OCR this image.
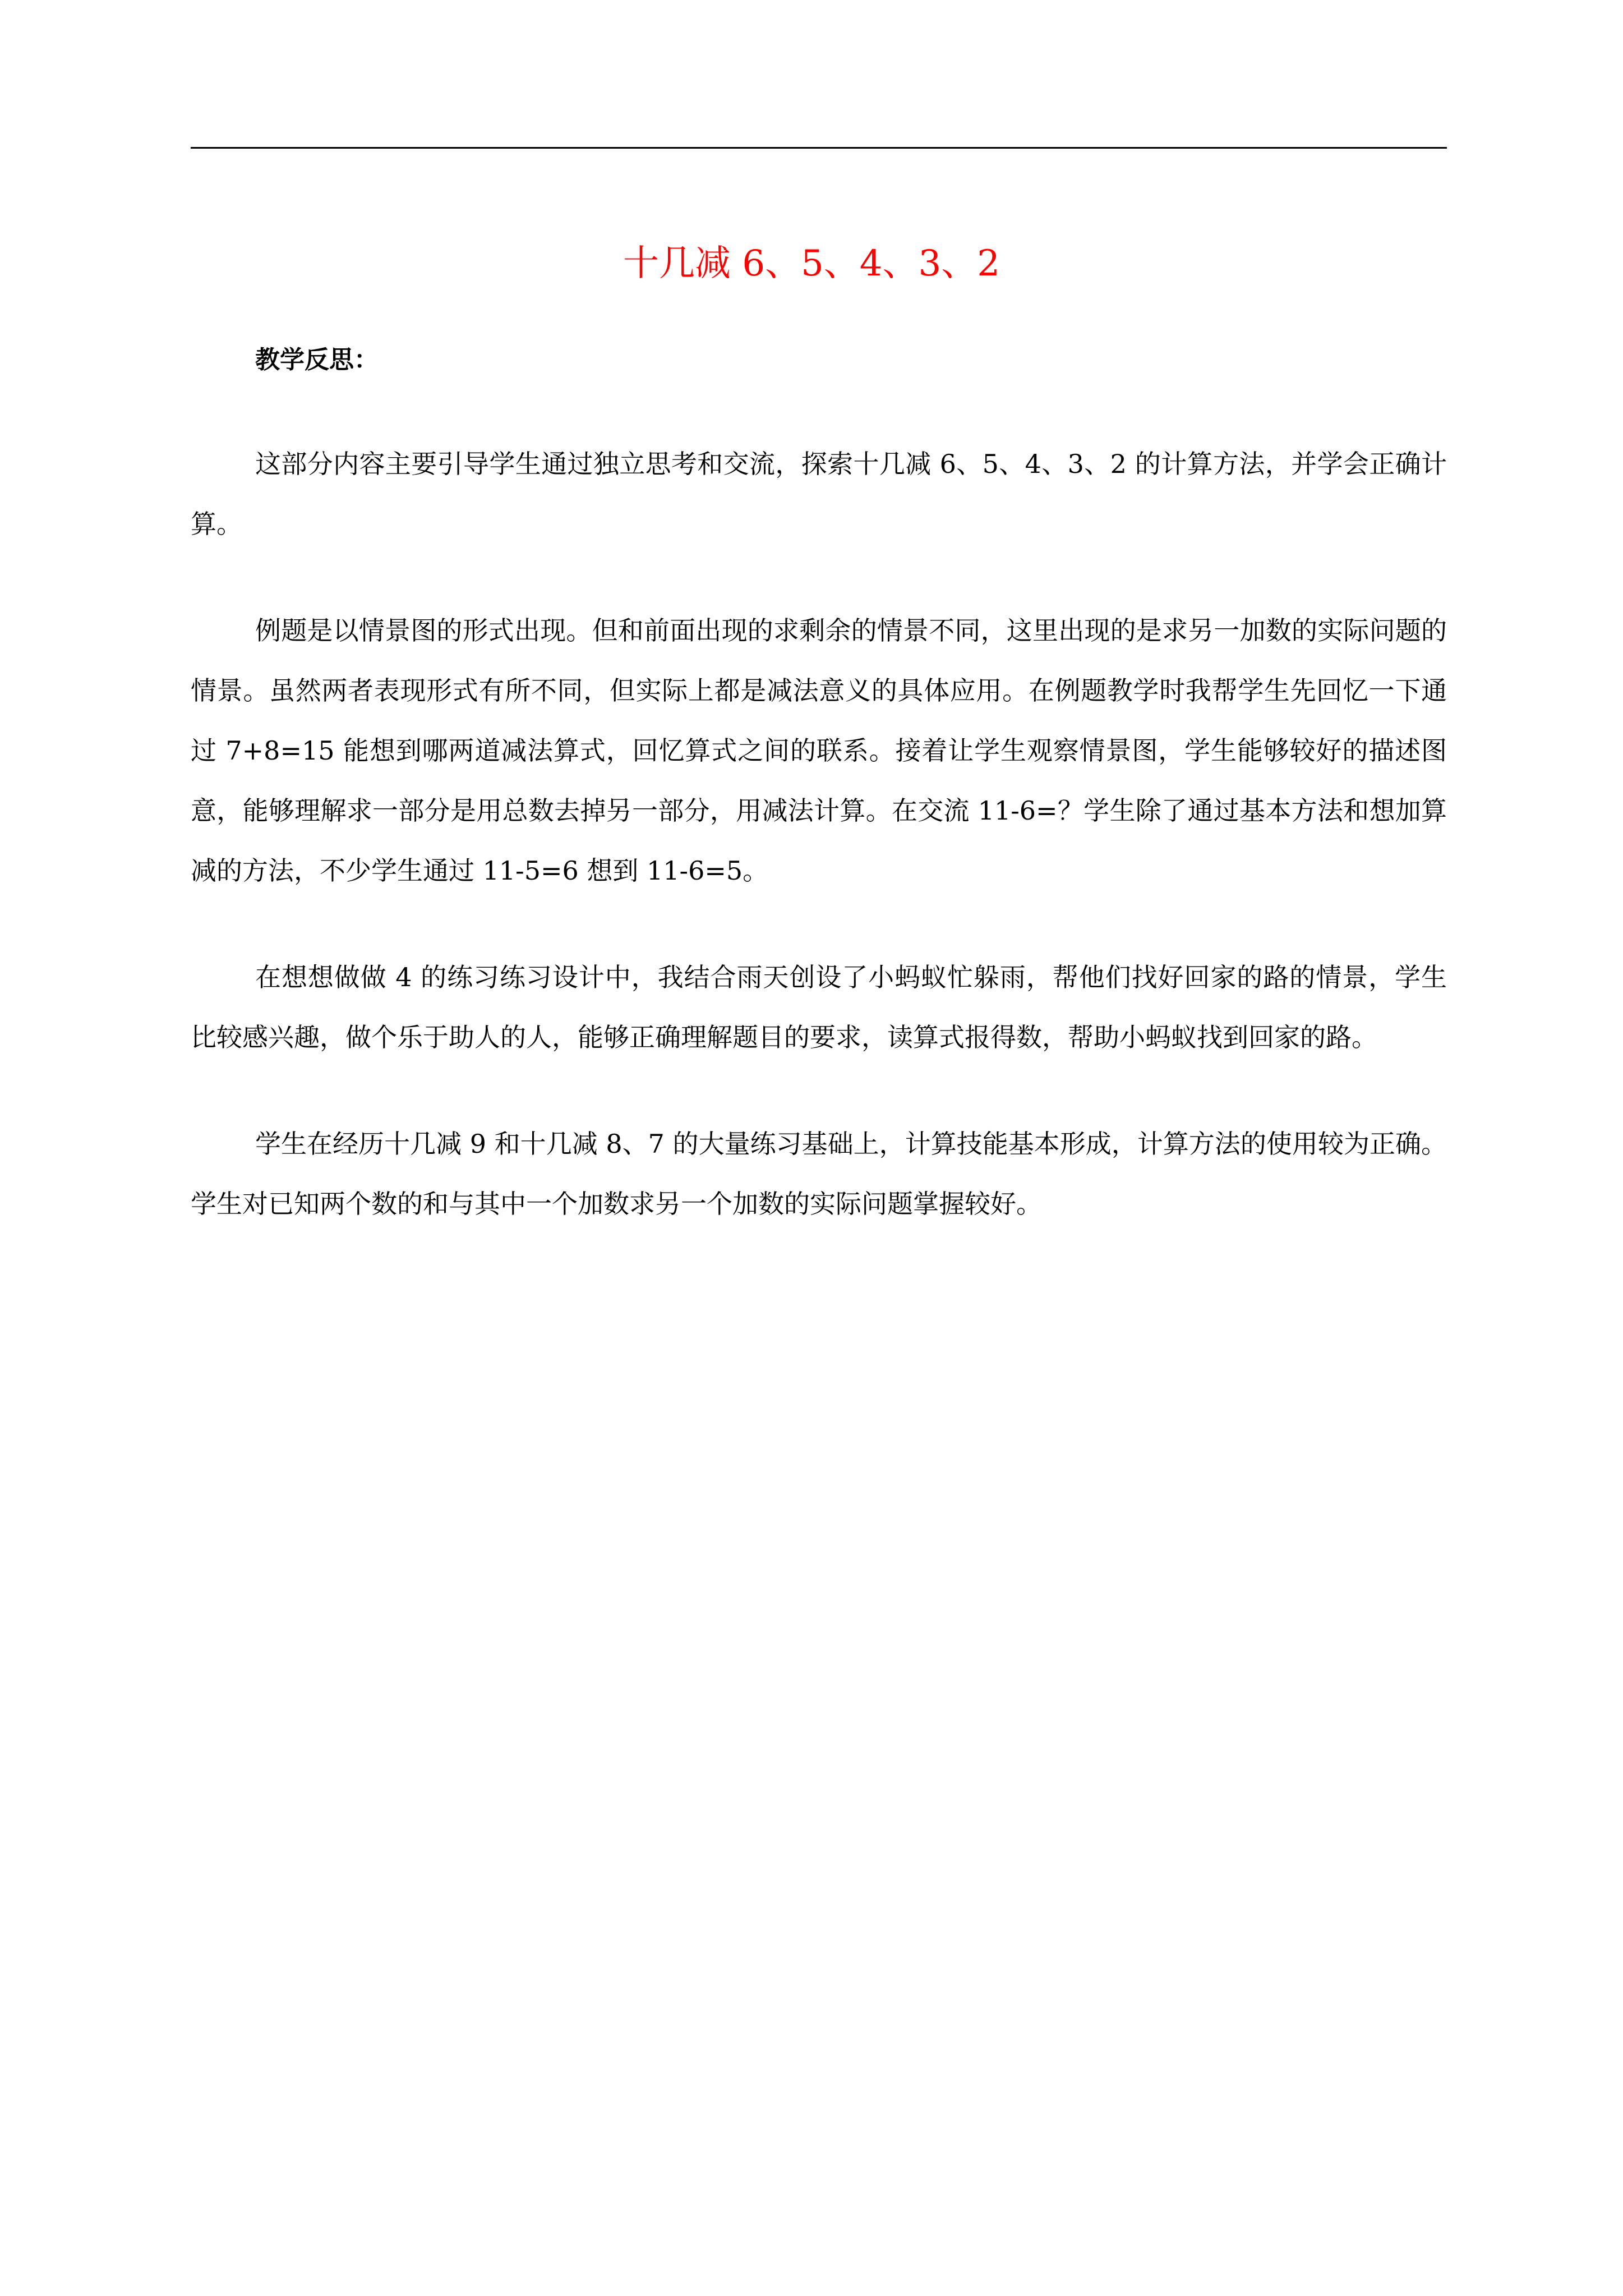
十几减 6、5、4、3、2
教学反思：

这部分内容主要引导学生通过独立思考和交流，探索十几减 6、5、4、3、2 的计算方法，并学会正确计算。

例题是以情景图的形式出现。但和前面出现的求剩余的情景不同，这里出现的是求另一加数的实际问题的情景。虽然两者表现形式有所不同，但实际上都是减法意义的具体应用。在例题教学时我帮学生先回忆一下通过 7+8=15 能想到哪两道减法算式，回忆算式之间的联系。接着让学生观察情景图，学生能够较好的描述图意，能够理解求一部分是用总数去掉另一部分，用减法计算。在交流 11-6=？学生除了通过基本方法和想加算减的方法，不少学生通过 11-5=6 想到 11-6=5。

在想想做做 4 的练习练习设计中，我结合雨天创设了小蚂蚁忙躲雨，帮他们找好回家的路的情景，学生比较感兴趣，做个乐于助人的人，能够正确理解题目的要求，读算式报得数，帮助小蚂蚁找到回家的路。

学生在经历十几减 9 和十几减 8、7 的大量练习基础上，计算技能基本形成，计算方法的使用较为正确。学生对已知两个数的和与其中一个加数求另一个加数的实际问题掌握较好。
